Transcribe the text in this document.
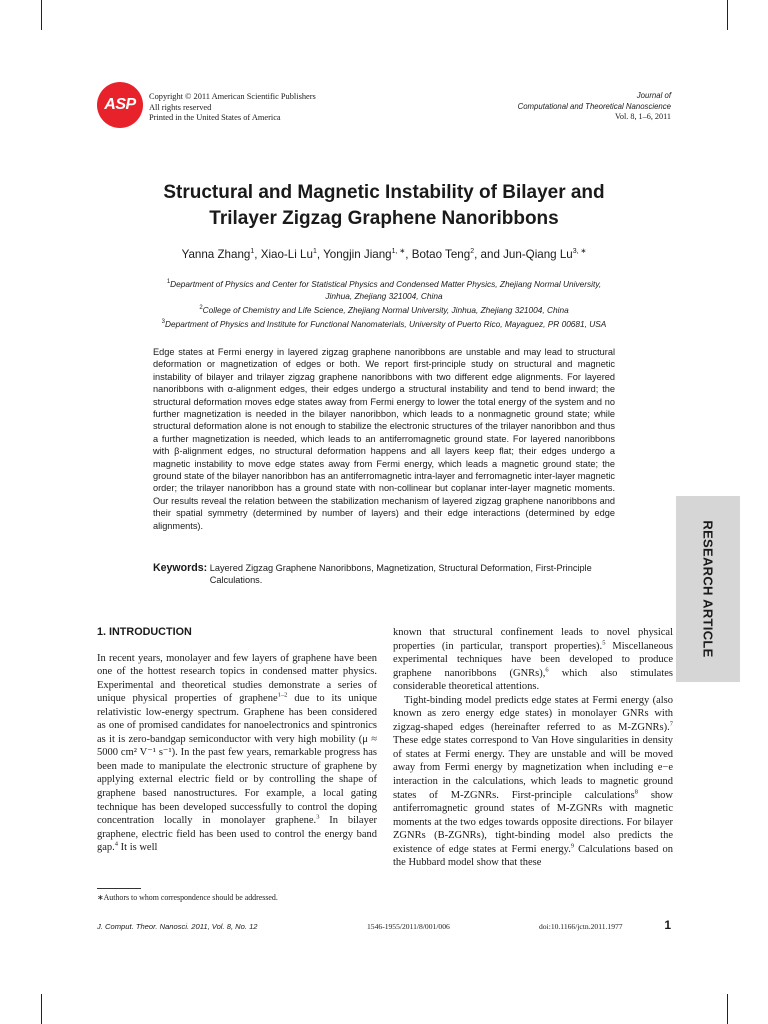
ASP	Copyright © 2011 American Scientific Publishers
All rights reserved
Printed in the United States of America
Journal of
Computational and Theoretical Nanoscience
Vol. 8, 1–6, 2011
Structural and Magnetic Instability of Bilayer and
Trilayer Zigzag Graphene Nanoribbons
Yanna Zhang$^1$, Xiao-Li Lu$^1$, Yongjin Jiang$^{1, ∗}$, Botao Teng$^2$, and Jun-Qiang $Lu^{3, ∗}$
$^1$Department of Physics and Center for Statistical Physics and Condensed Matter Physics, Zhejiang Normal University,
Jinhua, Zhejiang 321004, China
$^2$College of Chemistry and Life Science, Zhejiang Normal University, Jinhua, Zhejiang 321004, China
$^3$Department of Physics and Institute for Functional Nanomaterials, University of Puerto Rico, Mayaguez, PR 00681, USA
Edge states at Fermi energy in layered zigzag graphene nanoribbons are unstable and may lead to structural deformation or magnetization of edges or both. We report first-principle study on structural and magnetic instability of bilayer and trilayer zigzag graphene nanoribbons with two different edge alignments. For layered nanoribbons with α-alignment edges, their edges undergo a structural instability and tend to bend inward; the structural deformation moves edge states away from Fermi energy to lower the total energy of the system and no further magnetization is needed in the bilayer nanoribbon, which leads to a nonmagnetic ground state; while structural deformation alone is not enough to stabilize the electronic structures of the trilayer nanoribbon and thus a further magnetization is needed, which leads to an antiferromagnetic ground state. For layered nanoribbons with β-alignment edges, no structural deformation happens and all layers keep flat; their edges undergo a magnetic instability to move edge states away from Fermi energy, which leads a magnetic ground state; the ground state of the bilayer nanoribbon has an antiferromagnetic intra-layer and ferromagnetic inter-layer magnetic order; the trilayer nanoribbon has a ground state with non-collinear but coplanar inter-layer magnetic moments. Our results reveal the relation between the stabilization mechanism of layered zigzag graphene nanoribbons and their spatial symmetry (determined by number of layers) and their edge interactions (determined by edge alignments).
Keywords: Layered Zigzag Graphene Nanoribbons, Magnetization, Structural Deformation, First-Principle Calculations.	RESEARCH ARTICLE

1. INTRODUCTION

In recent years, monolayer and few layers of graphene have been one of the hottest research topics in condensed matter physics. Experimental and theoretical studies demonstrate a series of unique physical properties of graphene$^{1-2}$ due to its unique relativistic low-energy spectrum. Graphene has been considered as one of promised candidates for nanoelectronics and spintronics as it is zero-bandgap semiconductor with very high mobility (μ ≈ 5000 cm² V⁻¹ s⁻¹). In the past few years, remarkable progress has been made to manipulate the electronic structure of graphene by applying external electric field or by controlling the shape of graphene based nanostructures. For example, a local gating technique has been developed successfully to control the doping concentration locally in monolayer graphene.$^3$ In bilayer graphene, electric field has been used to control the energy band gap.$^4$ It is well

known that structural confinement leads to novel physical properties (in particular, transport properties).$^5$ Miscellaneous experimental techniques have been developed to produce graphene nanoribbons (GNRs),$^6$ which also stimulates considerable theoretical attentions.

Tight-binding model predicts edge states at Fermi energy (also known as zero energy edge states) in monolayer GNRs with zigzag-shaped edges (hereinafter referred to as M-ZGNRs).$^7$ These edge states correspond to Van Hove singularities in density of states at Fermi energy. They are unstable and will be moved away from Fermi energy by magnetization when including e−e interaction in the calculations, which leads to magnetic ground states of M-ZGNRs. First-principle calculations$^8$ show antiferromagnetic ground states of M-ZGNRs with magnetic moments at the two edges towards opposite directions. For bilayer ZGNRs (B-ZGNRs), tight-binding model also predicts the existence of edge states at Fermi energy.$^9$ Calculations based on the Hubbard model show that these

∗Authors to whom correspondence should be addressed.
J. Comput. Theor. Nanosci. 2011, Vol. 8, No. 12	1546-1955/2011/8/001/006	doi:10.1166/jctn.2011.1977	1
